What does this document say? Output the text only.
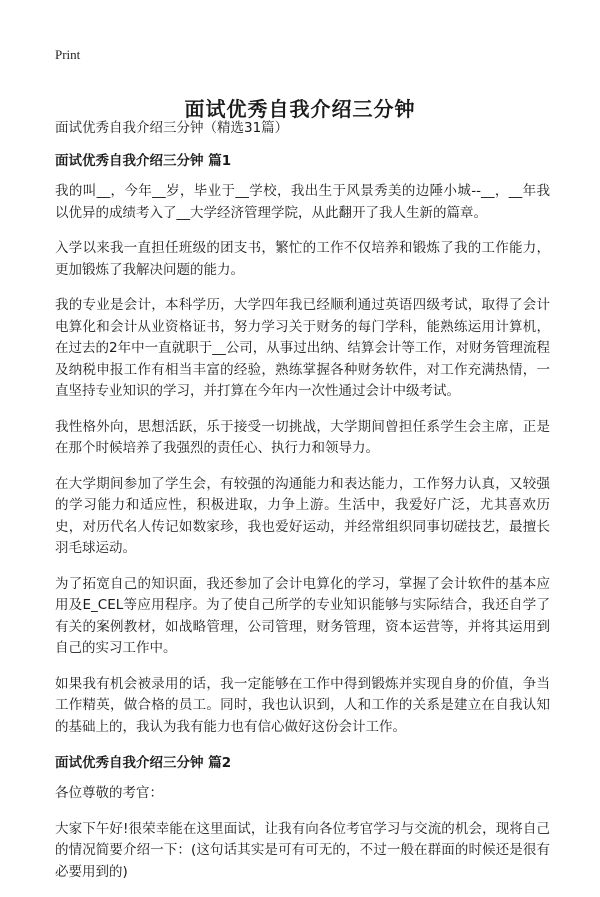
Print
面试优秀自我介绍三分钟

面试优秀自我介绍三分钟（精选31篇）

面试优秀自我介绍三分钟 篇1

我的叫__，今年__岁，毕业于__学校，我出生于风景秀美的边陲小城--__，__年我以优异的成绩考入了__大学经济管理学院，从此翻开了我人生新的篇章。

入学以来我一直担任班级的团支书，繁忙的工作不仅培养和锻炼了我的工作能力，更加锻炼了我解决问题的能力。

我的专业是会计，本科学历，大学四年我已经顺利通过英语四级考试，取得了会计电算化和会计从业资格证书，努力学习关于财务的每门学科，能熟练运用计算机，在过去的2年中一直就职于__公司，从事过出纳、结算会计等工作，对财务管理流程及纳税申报工作有相当丰富的经验，熟练掌握各种财务软件，对工作充满热情，一直坚持专业知识的学习，并打算在今年内一次性通过会计中级考试。

我性格外向，思想活跃，乐于接受一切挑战，大学期间曾担任系学生会主席，正是在那个时候培养了我强烈的责任心、执行力和领导力。

在大学期间参加了学生会，有较强的沟通能力和表达能力，工作努力认真，又较强的学习能力和适应性，积极进取，力争上游。生活中，我爱好广泛，尤其喜欢历史，对历代名人传记如数家珍，我也爱好运动，并经常组织同事切磋技艺，最擅长羽毛球运动。

为了拓宽自己的知识面，我还参加了会计电算化的学习，掌握了会计软件的基本应用及E_CEL等应用程序。为了使自己所学的专业知识能够与实际结合，我还自学了有关的案例教材，如战略管理，公司管理，财务管理，资本运营等，并将其运用到自己的实习工作中。

如果我有机会被录用的话，我一定能够在工作中得到锻炼并实现自身的价值，争当工作精英，做合格的员工。同时，我也认识到，人和工作的关系是建立在自我认知的基础上的，我认为我有能力也有信心做好这份会计工作。

面试优秀自我介绍三分钟 篇2

各位尊敬的考官：

大家下午好!很荣幸能在这里面试，让我有向各位考官学习与交流的机会，现将自己的情况简要介绍一下：(这句话其实是可有可无的，不过一般在群面的时候还是很有必要用到的)
